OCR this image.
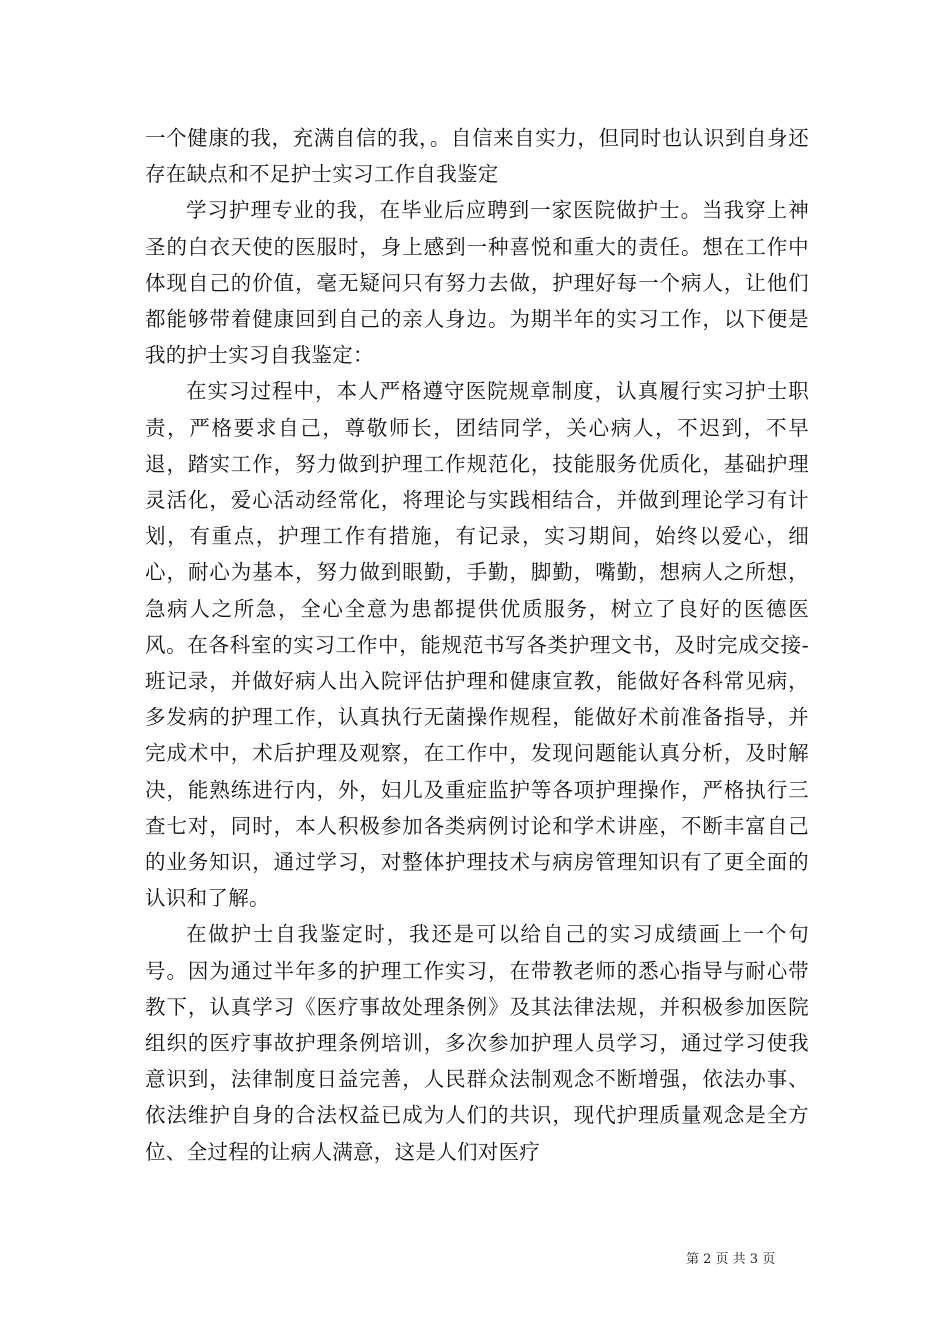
一个健康的我，充满自信的我，。自信来自实力，但同时也认识到自身还存在缺点和不足护士实习工作自我鉴定

学习护理专业的我，在毕业后应聘到一家医院做护士。当我穿上神圣的白衣天使的医服时，身上感到一种喜悦和重大的责任。想在工作中体现自己的价值，毫无疑问只有努力去做，护理好每一个病人，让他们都能够带着健康回到自己的亲人身边。为期半年的实习工作，以下便是我的护士实习自我鉴定：

在实习过程中，本人严格遵守医院规章制度，认真履行实习护士职责，严格要求自己，尊敬师长，团结同学，关心病人，不迟到，不早退，踏实工作，努力做到护理工作规范化，技能服务优质化，基础护理灵活化，爱心活动经常化，将理论与实践相结合，并做到理论学习有计划，有重点，护理工作有措施，有记录，实习期间，始终以爱心，细心，耐心为基本，努力做到眼勤，手勤，脚勤，嘴勤，想病人之所想，急病人之所急，全心全意为患都提供优质服务，树立了良好的医德医风。在各科室的实习工作中，能规范书写各类护理文书，及时完成交接-班记录，并做好病人出入院评估护理和健康宣教，能做好各科常见病，多发病的护理工作，认真执行无菌操作规程，能做好术前准备指导，并完成术中，术后护理及观察，在工作中，发现问题能认真分析，及时解决，能熟练进行内，外，妇儿及重症监护等各项护理操作，严格执行三查七对，同时，本人积极参加各类病例讨论和学术讲座，不断丰富自己的业务知识，通过学习，对整体护理技术与病房管理知识有了更全面的认识和了解。

在做护士自我鉴定时，我还是可以给自己的实习成绩画上一个句号。因为通过半年多的护理工作实习，在带教老师的悉心指导与耐心带教下，认真学习《医疗事故处理条例》及其法律法规，并积极参加医院组织的医疗事故护理条例培训，多次参加护理人员学习，通过学习使我意识到，法律制度日益完善，人民群众法制观念不断增强，依法办事、依法维护自身的合法权益已成为人们的共识，现代护理质量观念是全方位、全过程的让病人满意，这是人们对医疗

第 2 页 共 3 页
